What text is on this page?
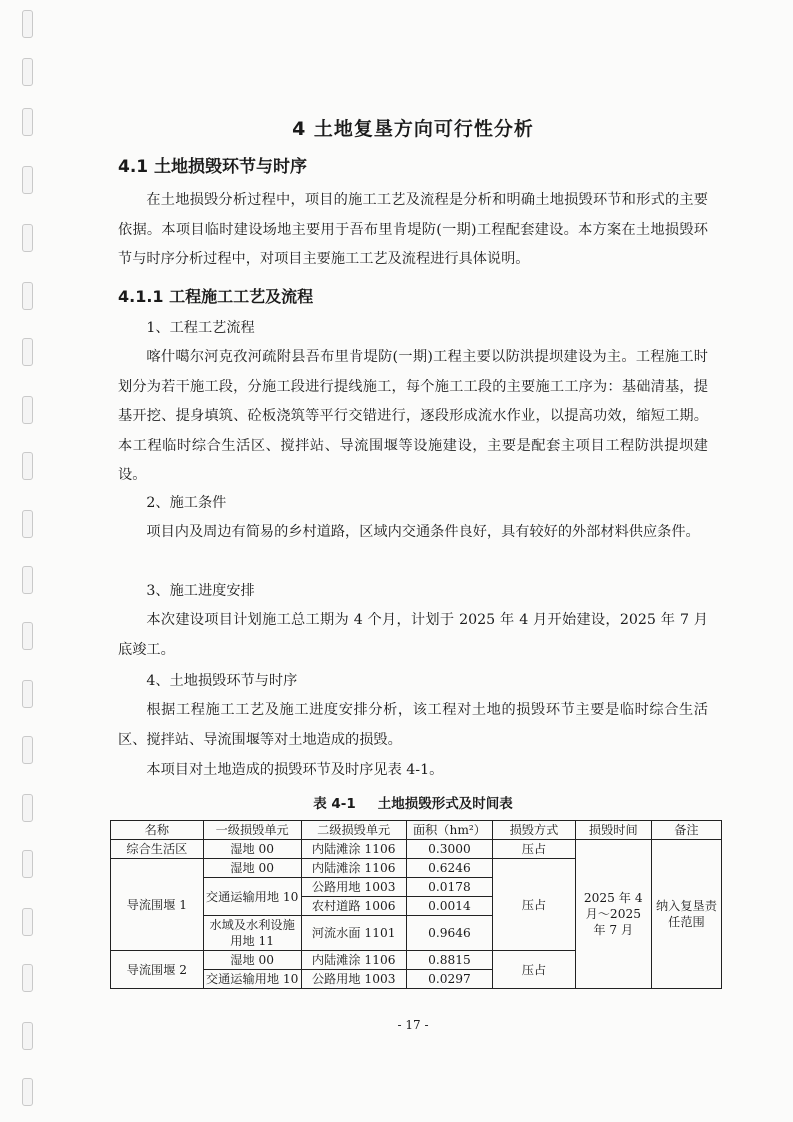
4 土地复垦方向可行性分析
4.1 土地损毁环节与时序

在土地损毁分析过程中，项目的施工工艺及流程是分析和明确土地损毁环节和形式的主要依据。本项目临时建设场地主要用于吾布里肯堤防(一期)工程配套建设。本方案在土地损毁环节与时序分析过程中，对项目主要施工工艺及流程进行具体说明。

4.1.1 工程施工工艺及流程

1、工程工艺流程

喀什噶尔河克孜河疏附县吾布里肯堤防(一期)工程主要以防洪提坝建设为主。工程施工时划分为若干施工段，分施工段进行提线施工，每个施工工段的主要施工工序为：基础清基，提基开挖、提身填筑、砼板浇筑等平行交错进行，逐段形成流水作业，以提高功效，缩短工期。本工程临时综合生活区、搅拌站、导流围堰等设施建设，主要是配套主项目工程防洪提坝建设。

2、施工条件

项目内及周边有简易的乡村道路，区域内交通条件良好，具有较好的外部材料供应条件。

3、施工进度安排

本次建设项目计划施工总工期为 4 个月，计划于 2025 年 4 月开始建设，2025 年 7 月底竣工。

4、土地损毁环节与时序

根据工程施工工艺及施工进度安排分析，该工程对土地的损毁环节主要是临时综合生活区、搅拌站、导流围堰等对土地造成的损毁。

本项目对土地造成的损毁环节及时序见表 4-1。

表 4-1 土地损毁形式及时间表
名称	一级损毁单元	二级损毁单元	面积（hm²）	损毁方式	损毁时间	备注
综合生活区	湿地 00	内陆滩涂 1106	0.3000	压占	2025 年 4 月～2025 年 7 月	纳入复垦责任范围
导流围堰 1	湿地 00	内陆滩涂 1106	0.6246	压占		
	交通运输用地 10	公路用地 1003	0.0178			
		农村道路 1006	0.0014			
	水域及水利设施用地 11	河流水面 1101	0.9646			
导流围堰 2	湿地 00	内陆滩涂 1106	0.8815	压占		
	交通运输用地 10	公路用地 1003	0.0297			
- 17 -
